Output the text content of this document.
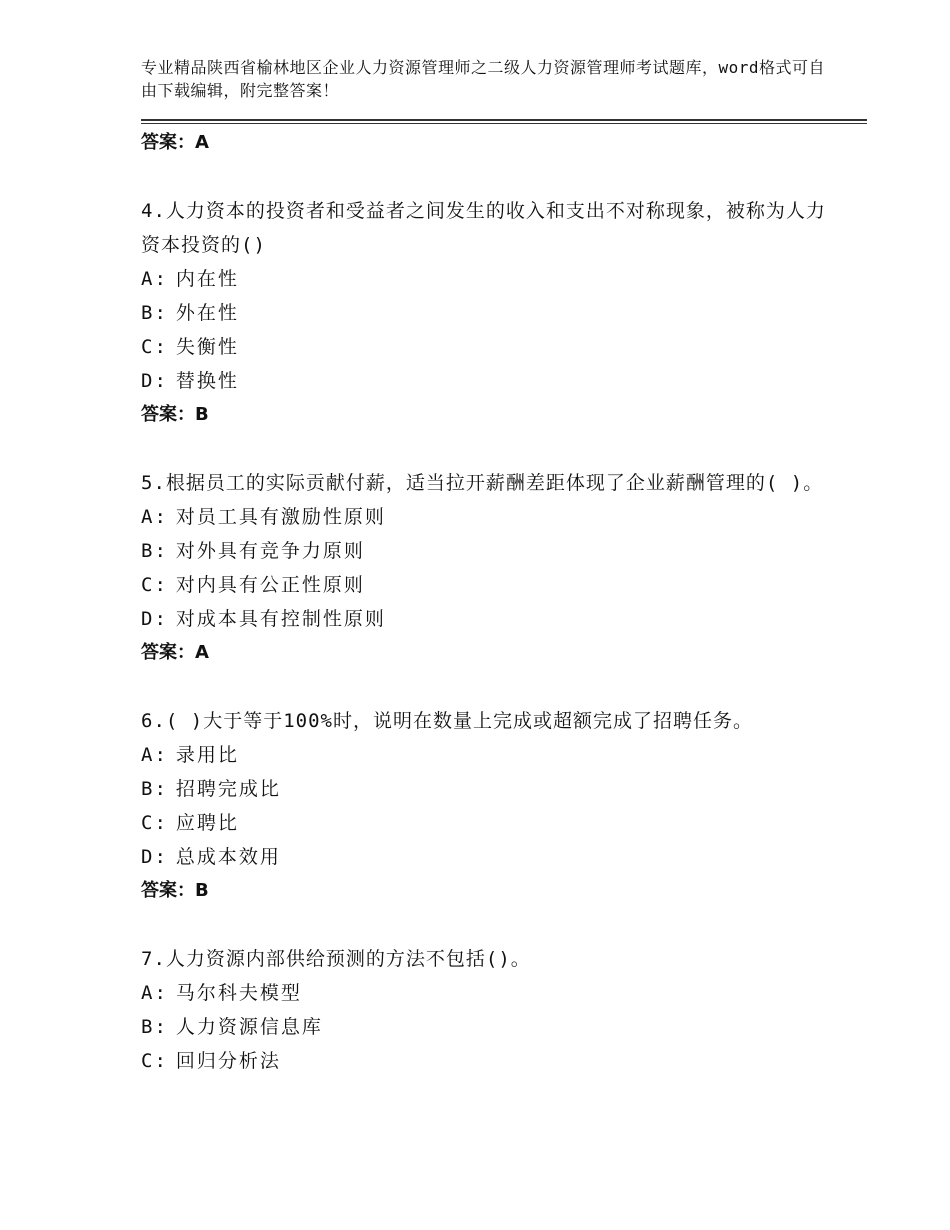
专业精品陕西省榆林地区企业人力资源管理师之二级人力资源管理师考试题库，word格式可自由下载编辑，附完整答案！
答案：A
4.人力资本的投资者和受益者之间发生的收入和支出不对称现象，被称为人力资本投资的()
A: 内在性
B: 外在性
C: 失衡性
D: 替换性
答案：B
5.根据员工的实际贡献付薪，适当拉开薪酬差距体现了企业薪酬管理的( )。
A: 对员工具有激励性原则
B: 对外具有竞争力原则
C: 对内具有公正性原则
D: 对成本具有控制性原则
答案：A
6.( )大于等于100%时，说明在数量上完成或超额完成了招聘任务。
A: 录用比
B: 招聘完成比
C: 应聘比
D: 总成本效用
答案：B
7.人力资源内部供给预测的方法不包括()。
A: 马尔科夫模型
B: 人力资源信息库
C: 回归分析法
